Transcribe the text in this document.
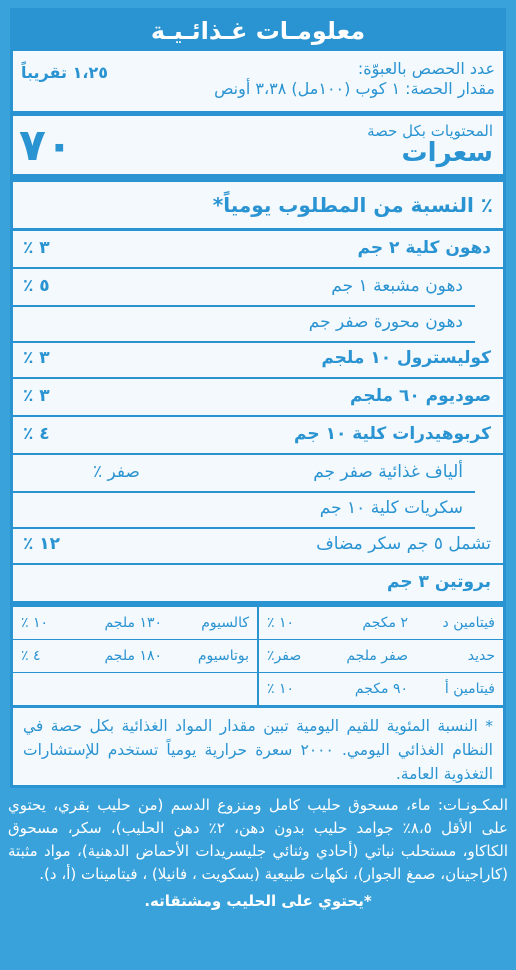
معلومـات غـذائـيـة
عدد الحصص بالعبوّة:
مقدار الحصة: ١ كوب (١٠٠مل) ٣،٣٨ أونص
١،٢٥ تقريباً
المحتويات بكل حصة
سعرات
٧٠
٪ النسبة من المطلوب يومياً*
دهون كلية ٢ جم
٣ ٪
دهون مشبعة ١ جم
٥ ٪
دهون محورة صفر جم
كوليسترول ١٠ ملجم
٣ ٪
صوديوم ٦٠ ملجم
٣ ٪
كربوهيدرات كلية ١٠ جم
٤ ٪
ألياف غذائية صفر جم
صفر ٪
سكريات كلية ١٠ جم
تشمل ٥ جم سكر مضاف
١٢ ٪
بروتين ٣ جم
فيتامين د
٢ مكجم
١٠ ٪
كالسيوم
١٣٠ ملجم
١٠ ٪
حديد
صفر ملجم
صفر٪
بوتاسيوم
١٨٠ ملجم
٤ ٪
فيتامين أ
٩٠ مكجم
١٠ ٪
* النسبة المئوية للقيم اليومية تبين مقدار المواد الغذائية بكل حصة في النظام الغذائي اليومي. ٢٠٠٠ سعرة حرارية يومياً تستخدم للإستشارات التغذوية العامة.
المكـونـات: ماء، مسحوق حليب كامل ومنزوع الدسم (من حليب بقري، يحتوي على الأقل ٨،٥٪ جوامد حليب بدون دهن، ٢٪ دهن الحليب)، سكر، مسحوق الكاكاو، مستحلب نباتي (أحادي وثنائي جليسريدات الأحماض الدهنية)، مواد مثبتة (كاراجينان، صمغ الجوار)، نكهات طبيعية (بسكويت ، فانيلا) ، فيتامينات (أ، د).
*يحتوي على الحليب ومشتقاته.
